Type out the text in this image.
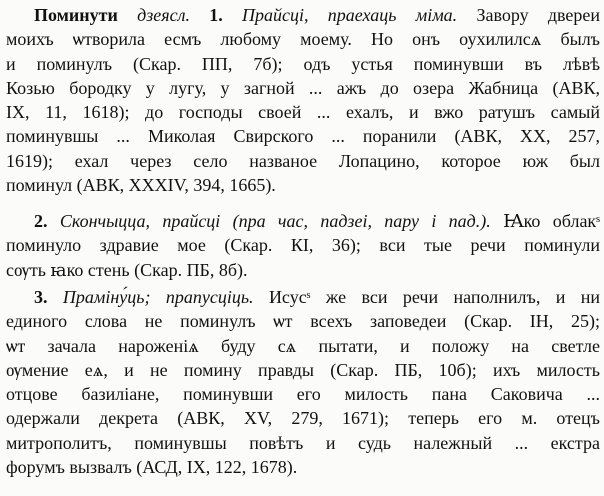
Поминути дзеясл. 1. Прайсці, праехаць міма. Завору двереи
моихъ ѡтворила есмъ любому моему. Но онъ оухилилсѧ былъ
и поминулъ (Скар. ПП, 7б); одъ устья поминувши въ лѣвѣ
Козью бородку у лугу, у загной ... ажъ до озера Жабница (АВК,
IX, 11, 1618); до господы своей ... ехалъ, и вжо ратушъ самый
поминувшы ... Миколая Свирского ... поранили (АВК, XX, 257,
1619); ехал через село названое Лопацино, которое юж был
поминул (АВК, XXXIV, 394, 1665).
2. Скончыцца, прайсці (пра час, падзеі, пару і пад.). Ꙗко облакˢ
поминуло здравие мое (Скар. КІ, 36); вси тые речи поминули
сѹть ꙗко стень (Скар. ПБ, 8б).
3. Праміну́ць; прапусціць. Исусˢ же вси речи наполнилъ, и ни
единого слова не поминулъ ѡт всехъ заповедеи (Скар. ІН, 25);
ѡт зачала нароженіѧ буду сѧ пытати, и положу на светле
ѹмение еѧ, и не помину правды (Скар. ПБ, 10б); ихъ милость
отцове базиліане, поминувши его милость пана Саковича ...
одержали декрета (АВК, XV, 279, 1671); теперь его м. отецъ
митрополитъ, поминувшы повѣтъ и судь належный ... екстра
форумъ вызвалъ (АСД, IX, 122, 1678).
